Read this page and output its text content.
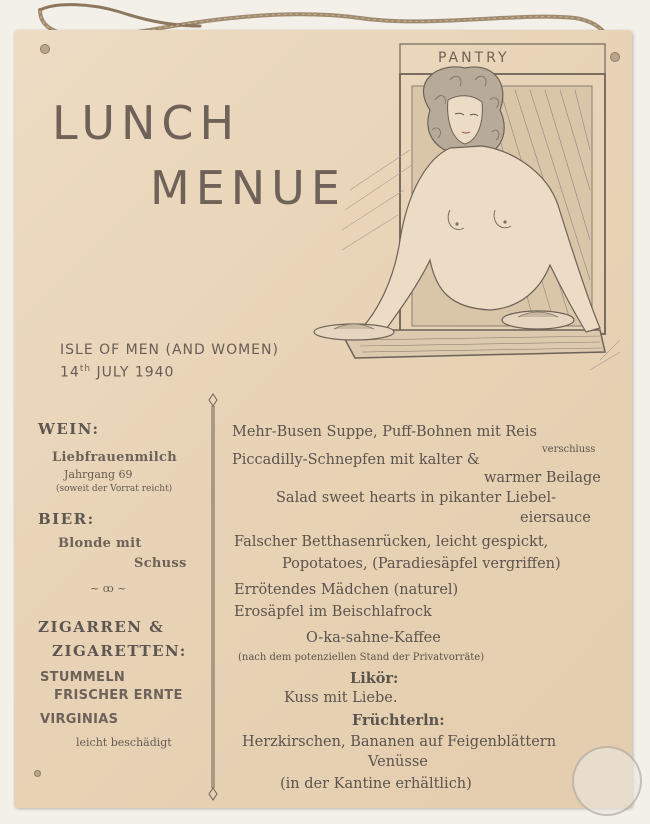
LUNCH
MENUE
PANTRY
ISLE OF MEN (AND WOMEN)
14th JULY 1940
WEIN:
Liebfrauenmilch
Jahrgang 69
(soweit der Vorrat reicht)
BIER:
Blonde mit
Schuss
~ ꝏ ~
ZIGARREN &
ZIGARETTEN:
STUMMELN
FRISCHER ERNTE
VIRGINIAS
leicht beschädigt
Mehr-Busen Suppe, Puff-Bohnen mit Reis
verschluss
Piccadilly-Schnepfen mit kalter &
warmer Beilage
Salad sweet hearts in pikanter Liebel-
eiersauce
Falscher Betthasenrücken, leicht gespickt,
Popotatoes, (Paradiesäpfel vergriffen)
Errötendes Mädchen (naturel)
Erosäpfel im Beischlafrock
O-ka-sahne-Kaffee
(nach dem potenziellen Stand der Privatvorräte)
Likör:
Kuss mit Liebe.
Früchterln:
Herzkirschen, Bananen auf Feigenblättern
Venüsse
(in der Kantine erhältlich)
